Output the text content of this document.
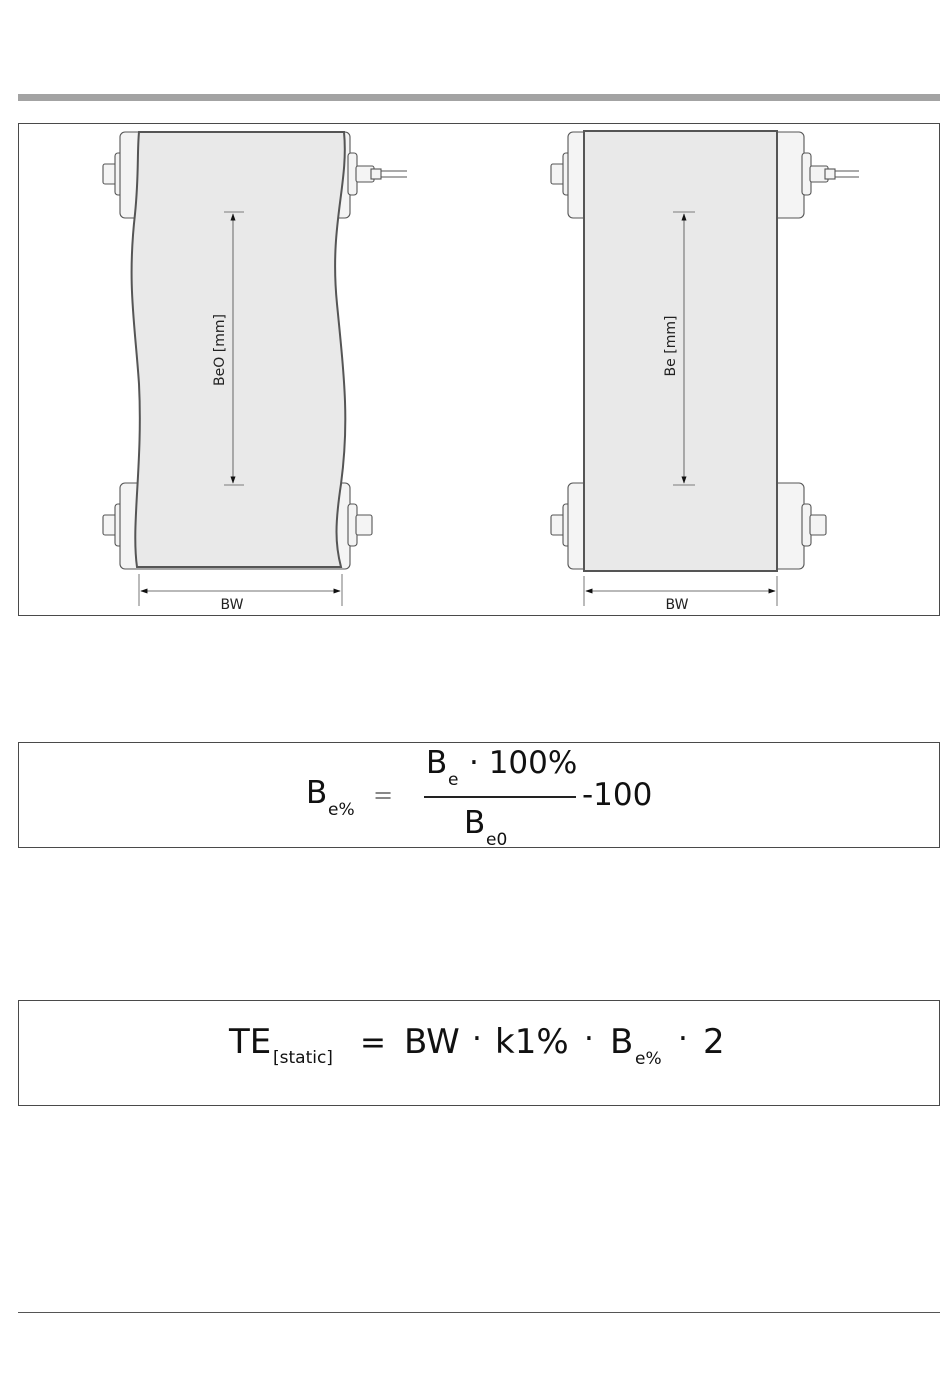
BeO [mm]
BW
Be [mm]
BW
B e%
=
B e · 100%
B e0
-100
TE [static] = BW · k1% · B e%
· 2
